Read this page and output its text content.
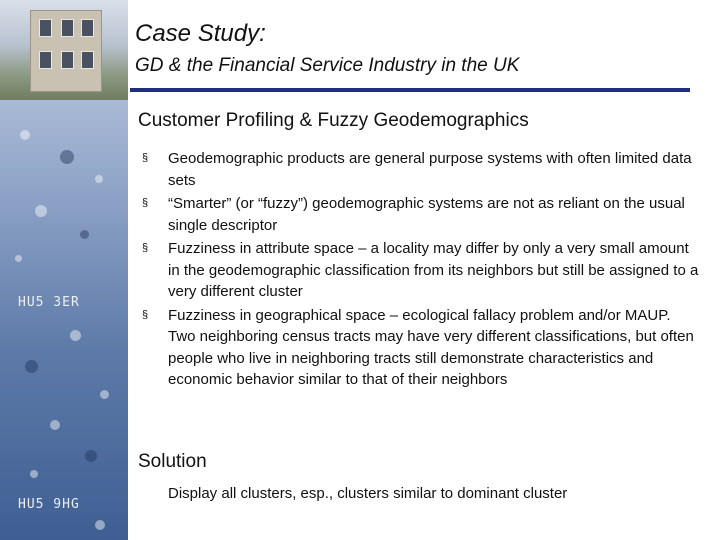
HU5 3ER
HU5 9HG
Case Study:
GD & the Financial Service Industry in the UK
Customer Profiling & Fuzzy Geodemographics
§ Geodemographic products are general purpose systems with often limited data sets
§ “Smarter” (or “fuzzy”) geodemographic systems are not as reliant on the usual single descriptor
§ Fuzziness in attribute space – a locality may differ by only a very small amount in the geodemographic classification from its neighbors but still be assigned to a very different cluster
§ Fuzziness in geographical space – ecological fallacy problem and/or MAUP. Two neighboring census tracts may have very different classifications, but often people who live in neighboring tracts still demonstrate characteristics and economic behavior similar to that of their neighbors
Solution
Display all clusters, esp., clusters similar to dominant cluster
